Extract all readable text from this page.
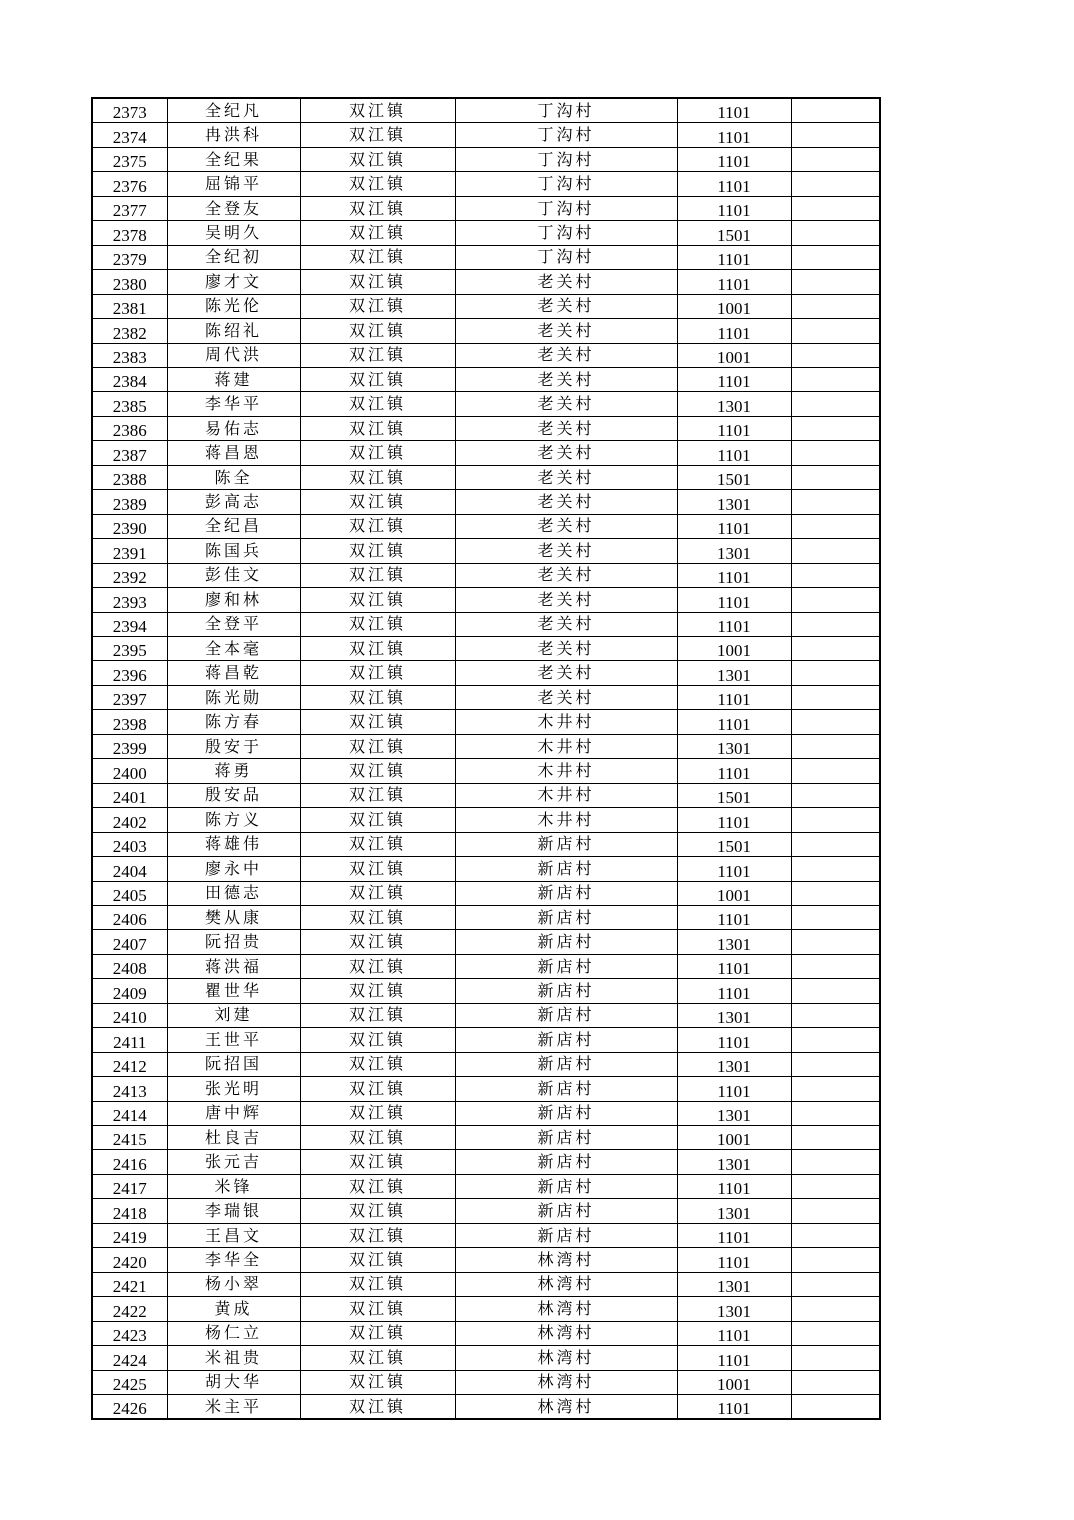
2373	全纪凡	双江镇	丁沟村	1101	
2374	冉洪科	双江镇	丁沟村	1101	
2375	全纪果	双江镇	丁沟村	1101	
2376	屈锦平	双江镇	丁沟村	1101	
2377	全登友	双江镇	丁沟村	1101	
2378	吴明久	双江镇	丁沟村	1501	
2379	全纪初	双江镇	丁沟村	1101	
2380	廖才文	双江镇	老关村	1101	
2381	陈光伦	双江镇	老关村	1001	
2382	陈绍礼	双江镇	老关村	1101	
2383	周代洪	双江镇	老关村	1001	
2384	蒋建	双江镇	老关村	1101	
2385	李华平	双江镇	老关村	1301	
2386	易佑志	双江镇	老关村	1101	
2387	蒋昌恩	双江镇	老关村	1101	
2388	陈全	双江镇	老关村	1501	
2389	彭高志	双江镇	老关村	1301	
2390	全纪昌	双江镇	老关村	1101	
2391	陈国兵	双江镇	老关村	1301	
2392	彭佳文	双江镇	老关村	1101	
2393	廖和林	双江镇	老关村	1101	
2394	全登平	双江镇	老关村	1101	
2395	全本毫	双江镇	老关村	1001	
2396	蒋昌乾	双江镇	老关村	1301	
2397	陈光勋	双江镇	老关村	1101	
2398	陈方春	双江镇	木井村	1101	
2399	殷安于	双江镇	木井村	1301	
2400	蒋勇	双江镇	木井村	1101	
2401	殷安品	双江镇	木井村	1501	
2402	陈方义	双江镇	木井村	1101	
2403	蒋雄伟	双江镇	新店村	1501	
2404	廖永中	双江镇	新店村	1101	
2405	田德志	双江镇	新店村	1001	
2406	樊从康	双江镇	新店村	1101	
2407	阮招贵	双江镇	新店村	1301	
2408	蒋洪福	双江镇	新店村	1101	
2409	瞿世华	双江镇	新店村	1101	
2410	刘建	双江镇	新店村	1301	
2411	王世平	双江镇	新店村	1101	
2412	阮招国	双江镇	新店村	1301	
2413	张光明	双江镇	新店村	1101	
2414	唐中辉	双江镇	新店村	1301	
2415	杜良吉	双江镇	新店村	1001	
2416	张元吉	双江镇	新店村	1301	
2417	米锋	双江镇	新店村	1101	
2418	李瑞银	双江镇	新店村	1301	
2419	王昌文	双江镇	新店村	1101	
2420	李华全	双江镇	林湾村	1101	
2421	杨小翠	双江镇	林湾村	1301	
2422	黄成	双江镇	林湾村	1301	
2423	杨仁立	双江镇	林湾村	1101	
2424	米祖贵	双江镇	林湾村	1101	
2425	胡大华	双江镇	林湾村	1001	
2426	米主平	双江镇	林湾村	1101	
